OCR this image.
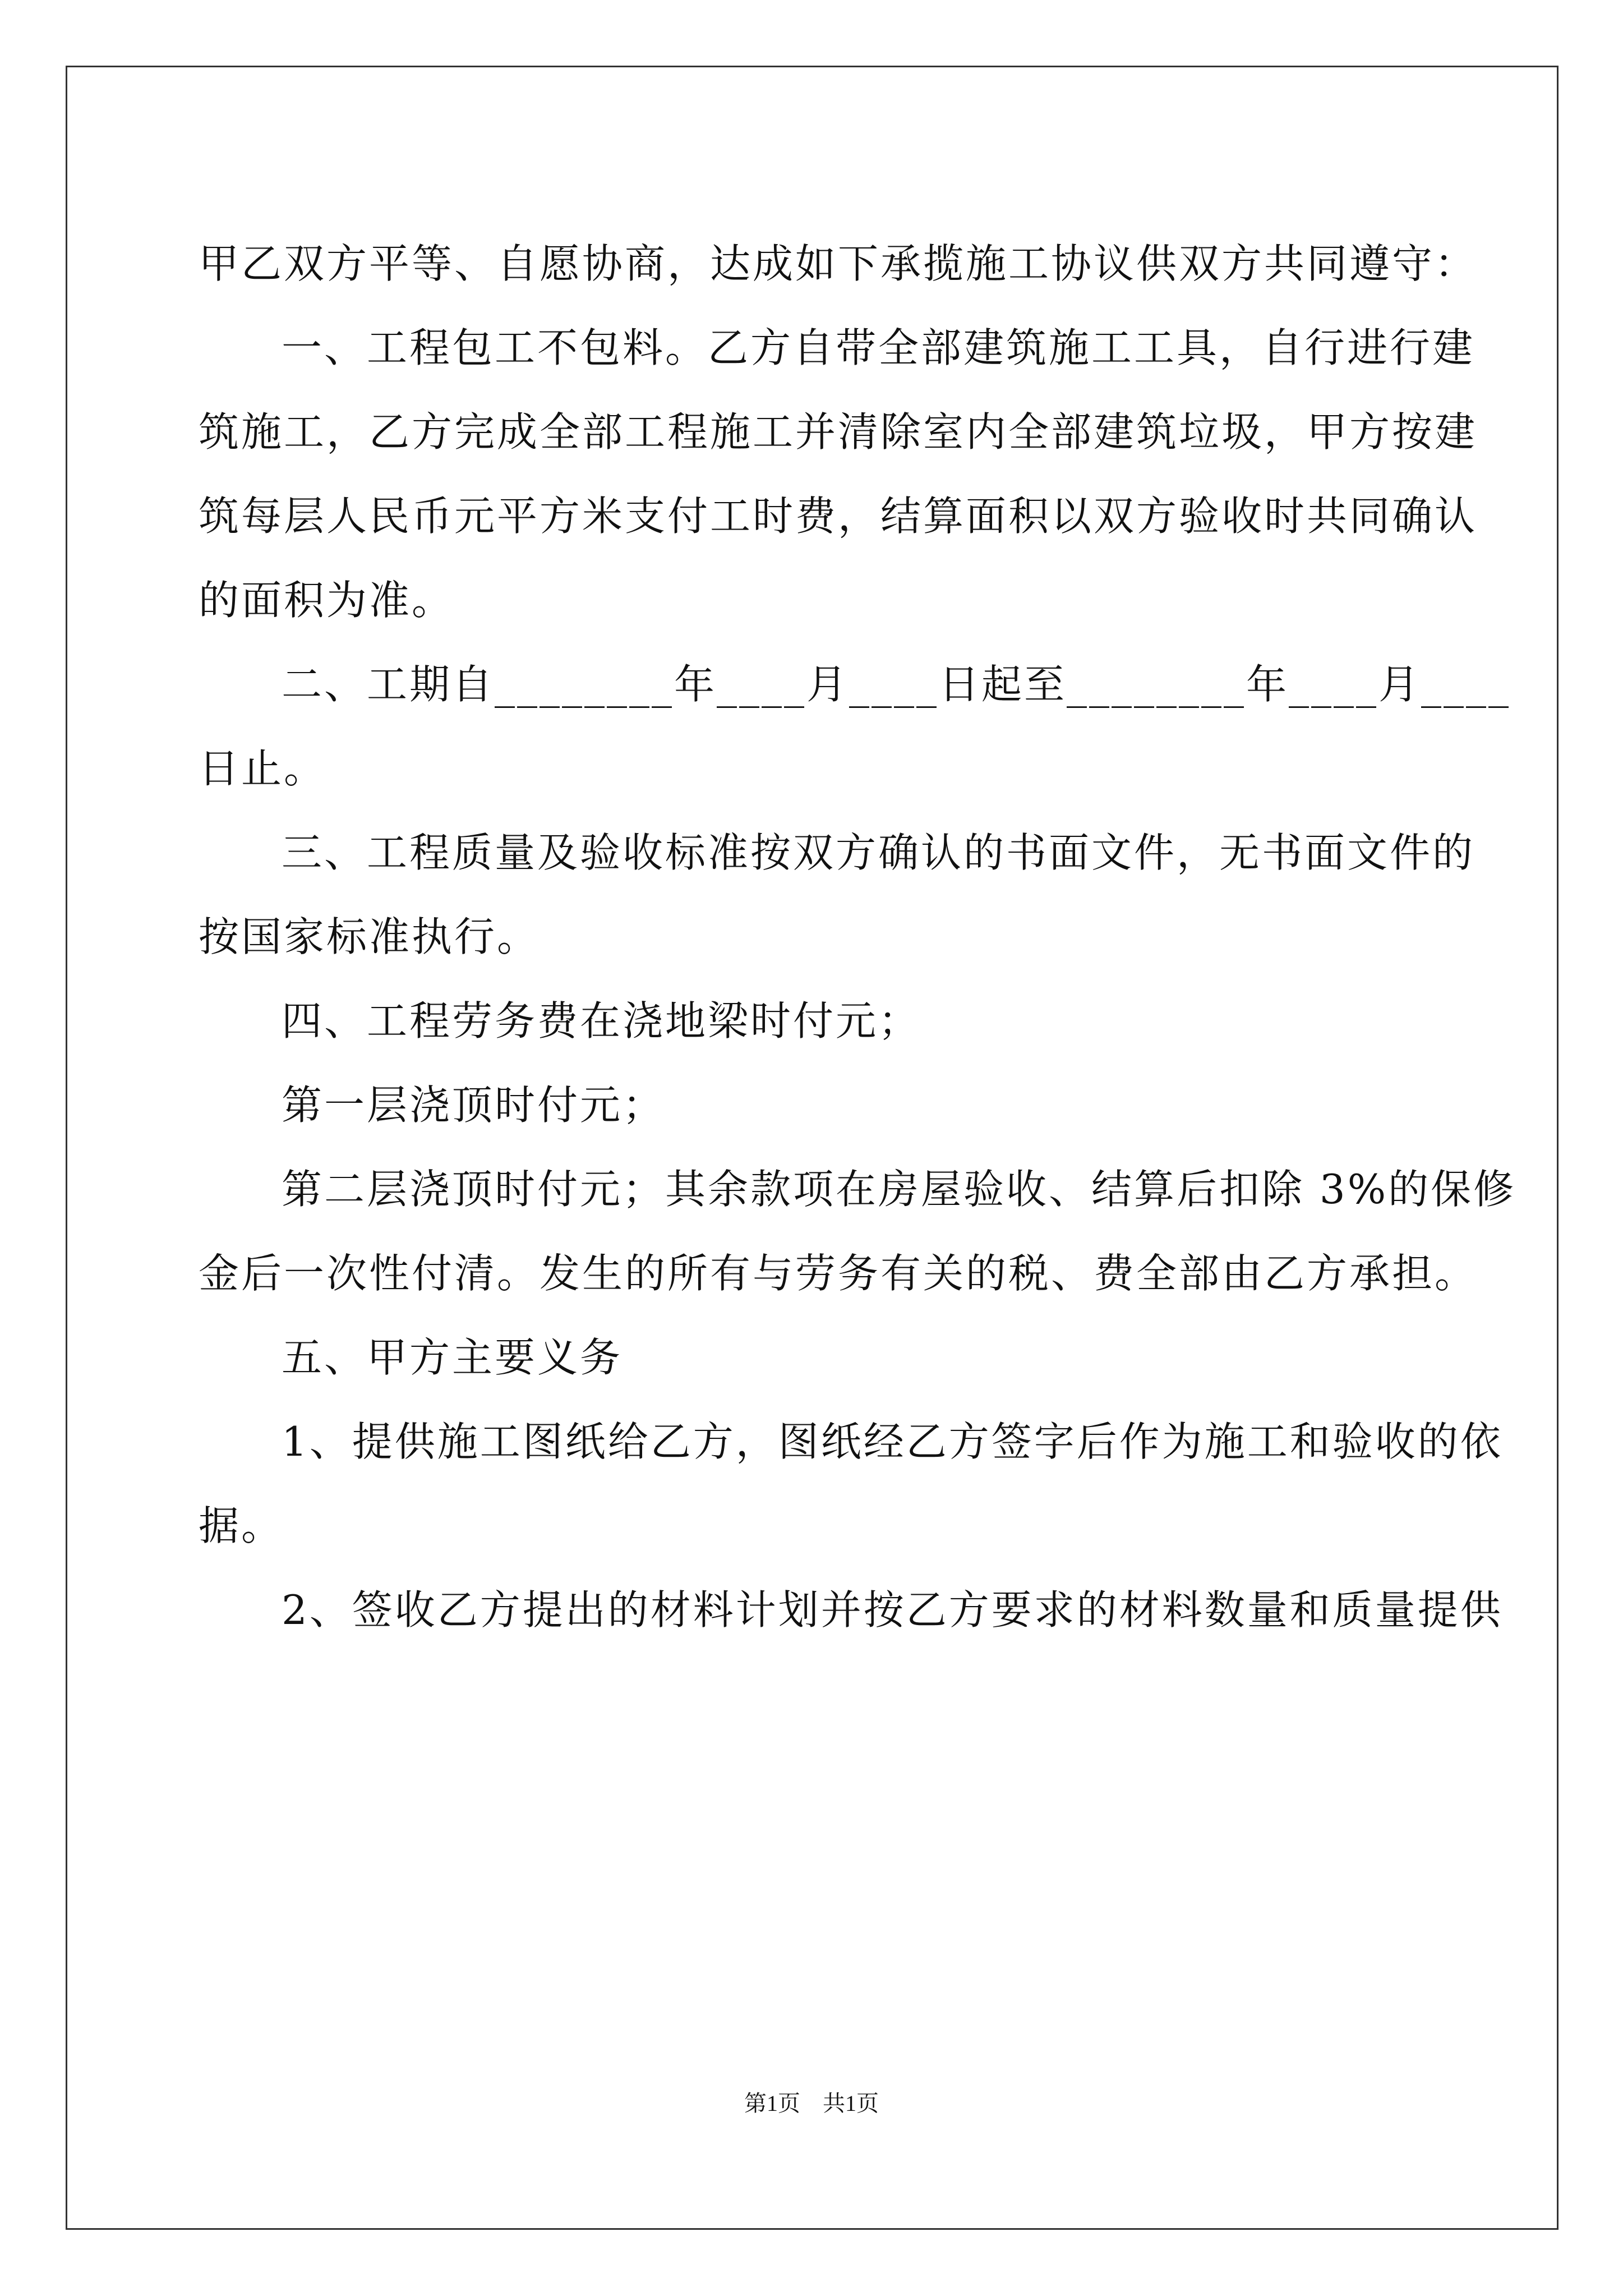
甲乙双方平等、自愿协商，达成如下承揽施工协议供双方共同遵守：
一、工程包工不包料。乙方自带全部建筑施工工具，自行进行建
筑施工，乙方完成全部工程施工并清除室内全部建筑垃圾，甲方按建
筑每层人民币元平方米支付工时费，结算面积以双方验收时共同确认
的面积为准。
二、工期自________年____月____日起至________年____月____
日止。
三、工程质量及验收标准按双方确认的书面文件，无书面文件的
按国家标准执行。
四、工程劳务费在浇地梁时付元；
第一层浇顶时付元；
第二层浇顶时付元；其余款项在房屋验收、结算后扣除 3%的保修
金后一次性付清。发生的所有与劳务有关的税、费全部由乙方承担。
五、甲方主要义务
1、提供施工图纸给乙方，图纸经乙方签字后作为施工和验收的依
据。
2、签收乙方提出的材料计划并按乙方要求的材料数量和质量提供
第1页　共1页
